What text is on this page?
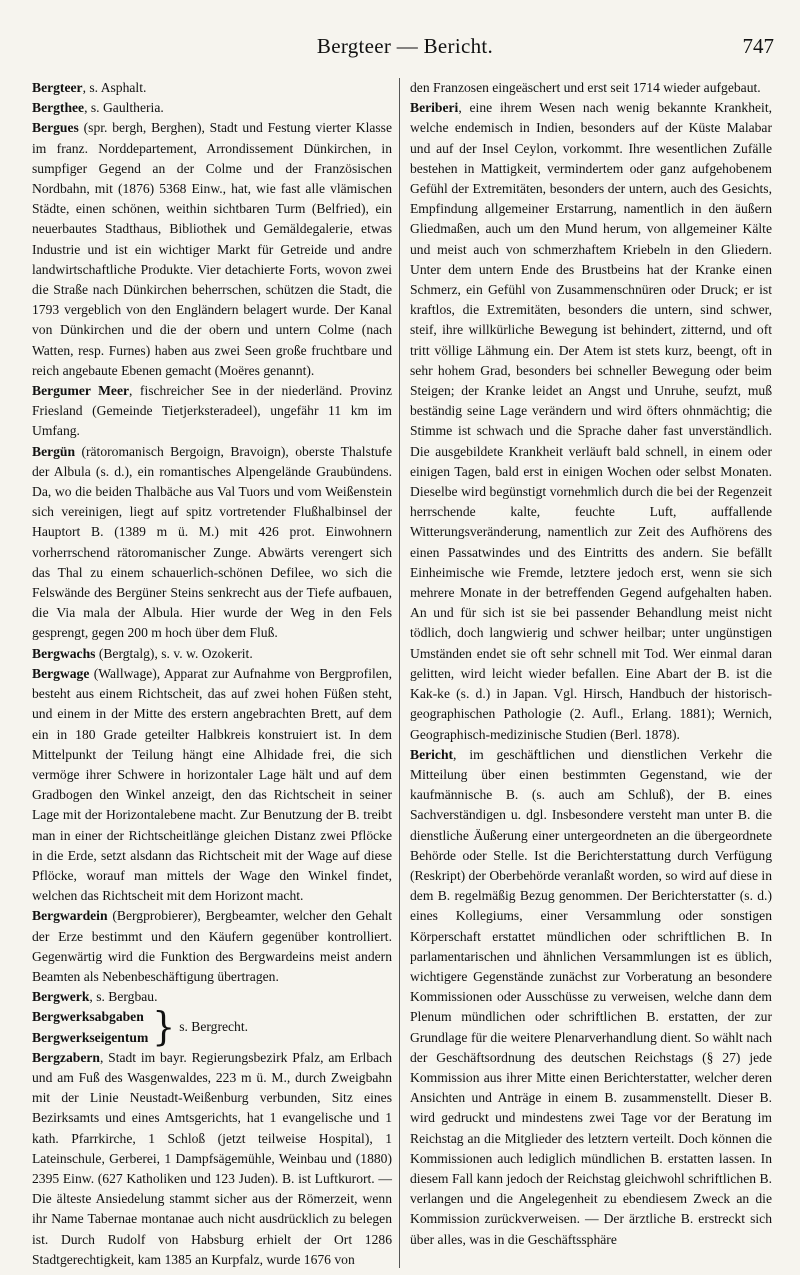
Bergteer — Bericht.	747

Bergteer, s. Asphalt.

Bergthee, s. Gaultheria.

Bergues (spr. bergh, Berghen), Stadt und Festung vierter Klasse im franz. Norddepartement, Arrondissement Dünkirchen, in sumpfiger Gegend an der Colme und der Französischen Nordbahn, mit (1876) 5368 Einw., hat, wie fast alle vlämischen Städte, einen schönen, weithin sichtbaren Turm (Belfried), ein neuerbautes Stadthaus, Bibliothek und Gemäldegalerie, etwas Industrie und ist ein wichtiger Markt für Getreide und andre landwirtschaftliche Produkte. Vier detachierte Forts, wovon zwei die Straße nach Dünkirchen beherrschen, schützen die Stadt, die 1793 vergeblich von den Engländern belagert wurde. Der Kanal von Dünkirchen und die der obern und untern Colme (nach Watten, resp. Furnes) haben aus zwei Seen große fruchtbare und reich angebaute Ebenen gemacht (Moëres genannt).

Bergumer Meer, fischreicher See in der niederländ. Provinz Friesland (Gemeinde Tietjerksteradeel), ungefähr 11 km im Umfang.

Bergün (rätoromanisch Bergoign, Bravoign), oberste Thalstufe der Albula (s. d.), ein romantisches Alpengelände Graubündens. Da, wo die beiden Thalbäche aus Val Tuors und vom Weißenstein sich vereinigen, liegt auf spitz vortretender Flußhalbinsel der Hauptort B. (1389 m ü. M.) mit 426 prot. Einwohnern vorherrschend rätoromanischer Zunge. Abwärts verengert sich das Thal zu einem schauerlich-schönen Defilee, wo sich die Felswände des Bergüner Steins senkrecht aus der Tiefe aufbauen, die Via mala der Albula. Hier wurde der Weg in den Fels gesprengt, gegen 200 m hoch über dem Fluß.

Bergwachs (Bergtalg), s. v. w. Ozokerit.

Bergwage (Wallwage), Apparat zur Aufnahme von Bergprofilen, besteht aus einem Richtscheit, das auf zwei hohen Füßen steht, und einem in der Mitte des erstern angebrachten Brett, auf dem ein in 180 Grade geteilter Halbkreis konstruiert ist. In dem Mittelpunkt der Teilung hängt eine Alhidade frei, die sich vermöge ihrer Schwere in horizontaler Lage hält und auf dem Gradbogen den Winkel anzeigt, den das Richtscheit in seiner Lage mit der Horizontalebene macht. Zur Benutzung der B. treibt man in einer der Richtscheitlänge gleichen Distanz zwei Pflöcke in die Erde, setzt alsdann das Richtscheit mit der Wage auf diese Pflöcke, worauf man mittels der Wage den Winkel findet, welchen das Richtscheit mit dem Horizont macht.

Bergwardein (Bergprobierer), Bergbeamter, welcher den Gehalt der Erze bestimmt und den Käufern gegenüber kontrolliert. Gegenwärtig wird die Funktion des Bergwardeins meist andern Beamten als Nebenbeschäftigung übertragen.

Bergwerk, s. Bergbau.

Bergwerksabgaben
Bergwerkseigentum } s. Bergrecht.

Bergzabern, Stadt im bayr. Regierungsbezirk Pfalz, am Erlbach und am Fuß des Wasgenwaldes, 223 m ü. M., durch Zweigbahn mit der Linie Neustadt-Weißenburg verbunden, Sitz eines Bezirksamts und eines Amtsgerichts, hat 1 evangelische und 1 kath. Pfarrkirche, 1 Schloß (jetzt teilweise Hospital), 1 Lateinschule, Gerberei, 1 Dampfsägemühle, Weinbau und (1880) 2395 Einw. (627 Katholiken und 123 Juden). B. ist Luftkurort. — Die älteste Ansiedelung stammt sicher aus der Römerzeit, wenn ihr Name Tabernae montanae auch nicht ausdrücklich zu belegen ist. Durch Rudolf von Habsburg erhielt der Ort 1286 Stadtgerechtigkeit, kam 1385 an Kurpfalz, wurde 1676 von

den Franzosen eingeäschert und erst seit 1714 wieder aufgebaut.

Beriberi, eine ihrem Wesen nach wenig bekannte Krankheit, welche endemisch in Indien, besonders auf der Küste Malabar und auf der Insel Ceylon, vorkommt. Ihre wesentlichen Zufälle bestehen in Mattigkeit, vermindertem oder ganz aufgehobenem Gefühl der Extremitäten, besonders der untern, auch des Gesichts, Empfindung allgemeiner Erstarrung, namentlich in den äußern Gliedmaßen, auch um den Mund herum, von allgemeiner Kälte und meist auch von schmerzhaftem Kriebeln in den Gliedern. Unter dem untern Ende des Brustbeins hat der Kranke einen Schmerz, ein Gefühl von Zusammenschnüren oder Druck; er ist kraftlos, die Extremitäten, besonders die untern, sind schwer, steif, ihre willkürliche Bewegung ist behindert, zitternd, und oft tritt völlige Lähmung ein. Der Atem ist stets kurz, beengt, oft in sehr hohem Grad, besonders bei schneller Bewegung oder beim Steigen; der Kranke leidet an Angst und Unruhe, seufzt, muß beständig seine Lage verändern und wird öfters ohnmächtig; die Stimme ist schwach und die Sprache daher fast unverständlich. Die ausgebildete Krankheit verläuft bald schnell, in einem oder einigen Tagen, bald erst in einigen Wochen oder selbst Monaten. Dieselbe wird begünstigt vornehmlich durch die bei der Regenzeit herrschende kalte, feuchte Luft, auffallende Witterungsveränderung, namentlich zur Zeit des Aufhörens des einen Passatwindes und des Eintritts des andern. Sie befällt Einheimische wie Fremde, letztere jedoch erst, wenn sie sich mehrere Monate in der betreffenden Gegend aufgehalten haben. An und für sich ist sie bei passender Behandlung meist nicht tödlich, doch langwierig und schwer heilbar; unter ungünstigen Umständen endet sie oft sehr schnell mit Tod. Wer einmal daran gelitten, wird leicht wieder befallen. Eine Abart der B. ist die Kak-ke (s. d.) in Japan. Vgl. Hirsch, Handbuch der historisch-geographischen Pathologie (2. Aufl., Erlang. 1881); Wernich, Geographisch-medizinische Studien (Berl. 1878).

Bericht, im geschäftlichen und dienstlichen Verkehr die Mitteilung über einen bestimmten Gegenstand, wie der kaufmännische B. (s. auch am Schluß), der B. eines Sachverständigen u. dgl. Insbesondere versteht man unter B. die dienstliche Äußerung einer untergeordneten an die übergeordnete Behörde oder Stelle. Ist die Berichterstattung durch Verfügung (Reskript) der Oberbehörde veranlaßt worden, so wird auf diese in dem B. regelmäßig Bezug genommen. Der Berichterstatter (s. d.) eines Kollegiums, einer Versammlung oder sonstigen Körperschaft erstattet mündlichen oder schriftlichen B. In parlamentarischen und ähnlichen Versammlungen ist es üblich, wichtigere Gegenstände zunächst zur Vorberatung an besondere Kommissionen oder Ausschüsse zu verweisen, welche dann dem Plenum mündlichen oder schriftlichen B. erstatten, der zur Grundlage für die weitere Plenarverhandlung dient. So wählt nach der Geschäftsordnung des deutschen Reichstags (§ 27) jede Kommission aus ihrer Mitte einen Berichterstatter, welcher deren Ansichten und Anträge in einem B. zusammenstellt. Dieser B. wird gedruckt und mindestens zwei Tage vor der Beratung im Reichstag an die Mitglieder des letztern verteilt. Doch können die Kommissionen auch lediglich mündlichen B. erstatten lassen. In diesem Fall kann jedoch der Reichstag gleichwohl schriftlichen B. verlangen und die Angelegenheit zu ebendiesem Zweck an die Kommission zurückverweisen. — Der ärztliche B. erstreckt sich über alles, was in die Geschäftssphäre
